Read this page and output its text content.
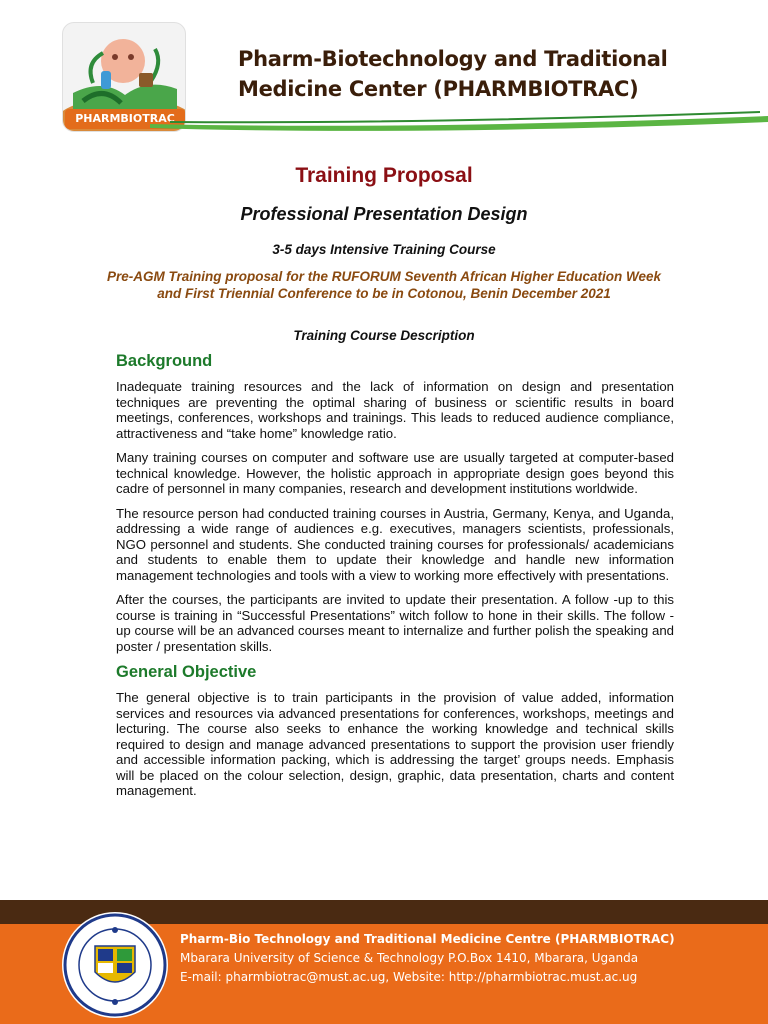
PHARMBIOTRAC
Pharm-Biotechnology and Traditional
Medicine Center (PHARMBIOTRAC)
Training Proposal
Professional Presentation Design
3-5 days Intensive Training Course
Pre-AGM Training proposal for the RUFORUM Seventh African Higher Education Week and First Triennial Conference to be in Cotonou, Benin December 2021
Training Course Description
Background

Inadequate training resources and the lack of information on design and presentation techniques are preventing the optimal sharing of business or scientific results in board meetings, conferences, workshops and trainings. This leads to reduced audience compliance, attractiveness and “take home” knowledge ratio.

Many training courses on computer and software use are usually targeted at computer-based technical knowledge. However, the holistic approach in appropriate design goes beyond this cadre of personnel in many companies, research and development institutions worldwide.

The resource person had conducted training courses in Austria, Germany, Kenya, and Uganda, addressing a wide range of audiences e.g. executives, managers scientists, professionals, NGO personnel and students. She conducted training courses for professionals/ academicians and students to enable them to update their knowledge and handle new information management technologies and tools with a view to working more effectively with presentations.

After the courses, the participants are invited to update their presentation. A follow -up to this course is training in “Successful Presentations” witch follow to hone in their skills. The follow -up course will be an advanced courses meant to internalize and further polish the speaking and poster / presentation skills.

General Objective

The general objective is to train participants in the provision of value added, information services and resources via advanced presentations for conferences, workshops, meetings and lecturing. The course also seeks to enhance the working knowledge and technical skills required to design and manage advanced presentations to support the provision user friendly and accessible information packing, which is addressing the target’ groups needs. Emphasis will be placed on the colour selection, design, graphic, data presentation, charts and content management.

Pharm-Bio Technology and Traditional Medicine Centre (PHARMBIOTRAC)
Mbarara University of Science & Technology P.O.Box 1410, Mbarara, Uganda
E-mail: pharmbiotrac@must.ac.ug, Website: http://pharmbiotrac.must.ac.ug
